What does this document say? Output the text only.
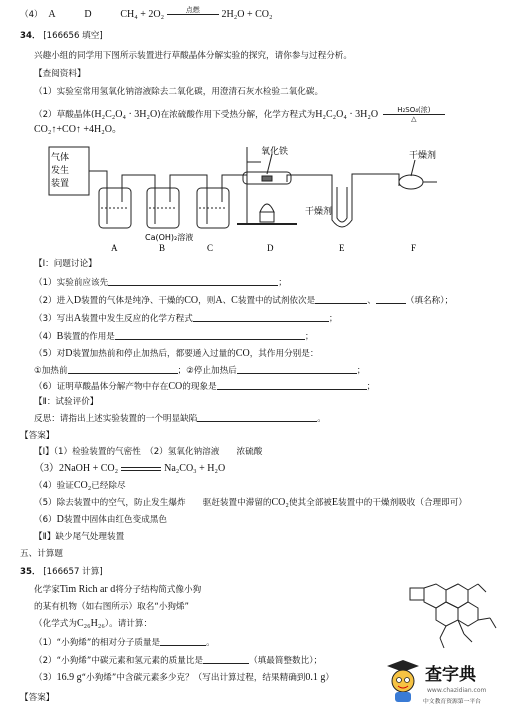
（4） A	D	CH₄ + 2O₂	点燃
	2H₂O + CO₂
34． [166656 填空]
兴趣小组的同学用下图所示装置进行草酸晶体分解实验的探究，请你参与过程分析。
【查阅资料】
（1）实验室常用氢氧化钠溶液除去二氧化碳，用澄清石灰水检验二氧化碳。
（2）草酸晶体(H₂C₂O₄ · 3H₂O)在浓硫酸作用下受热分解，化学方程式为H₂C₂O₄ · 3H₂O	H₂SO₄(浓)
△
CO₂↑+CO↑ +4H₂O。
气体
发生
装置
氧化铁	干燥剂
干燥剂
Ca(OH)₂溶液
A	B	C	D	E	F
【Ⅰ：问题讨论】
（1）实验前应该先	；
（2）进入D装置的气体是纯净、干燥的CO，则A、C装置中的试剂依次是	、	（填名称）；
（3）写出A装置中发生反应的化学方程式	；
（4）B装置的作用是	；
（5）对D装置加热前和停止加热后，都要通入过量的CO，其作用分别是：
①加热前	；②停止加热后	；
（6）证明草酸晶体分解产物中存在CO的现象是	；
【Ⅱ：试验评价】
反思：请指出上述实验装置的一个明显缺陷	。
【答案】
【Ⅰ】（1）检验装置的气密性　（2）氢氧化钠溶液　　浓硫酸
（3）2NaOH + CO₂	Na₂CO₃ + H₂O
（4）验证CO₂已经除尽
（5）除去装置中的空气，防止发生爆炸　　驱赶装置中滞留的CO₂使其全部被E装置中的干燥剂吸收（合理即可）
（6）D装置中固体由红色变成黑色
【Ⅱ】缺少尾气处理装置
五、计算题
35． [166657 计算]
化学家Tim Rich ar d将分子结构简式像小狗
的某有机物（如右图所示）取名“小狗烯”
（化学式为C₂₆H₂₆）。请计算：
（1）“小狗烯”的相对分子质量是	。
（2）“小狗烯”中碳元素和氢元素的质量比是	（填最简整数比）；
（3）16.9 g“小狗烯”中含碳元素多少克？（写出计算过程，结果精确到0.1 g）
【答案】
查字典
www.chazidian.com
中文教育资源第一平台
